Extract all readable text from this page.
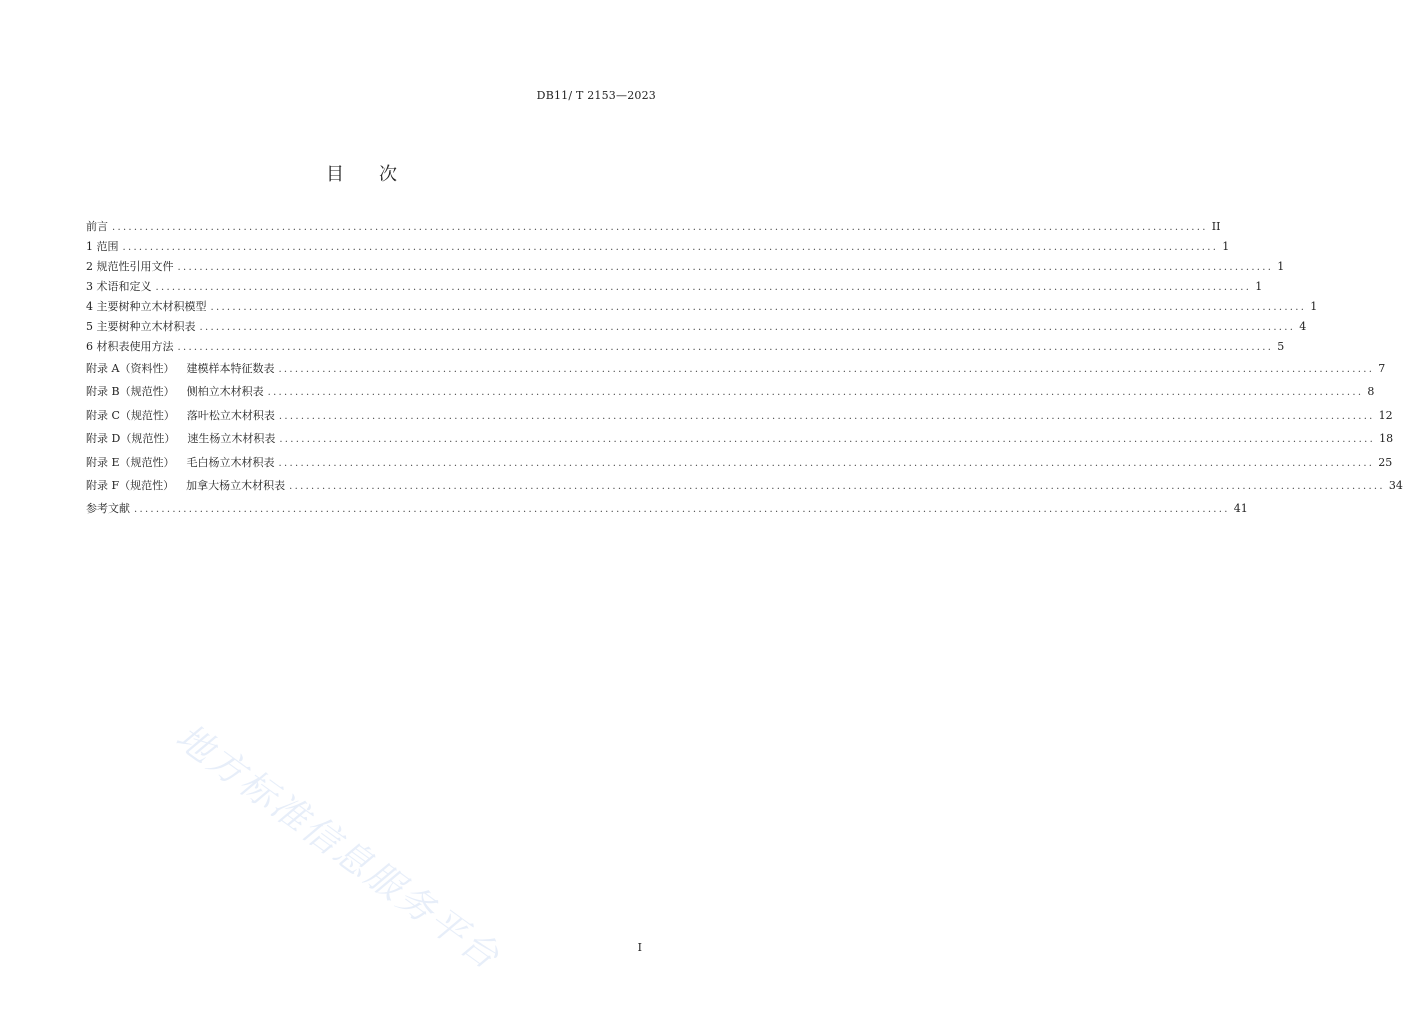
DB11/ T 2153—2023
目 次
前言 ........................................................................................................................................................................................................ II
1 范围 ........................................................................................................................................................................................................ 1
2 规范性引用文件 ........................................................................................................................................................................................................ 1
3 术语和定义 ........................................................................................................................................................................................................ 1
4 主要树种立木材积模型 ........................................................................................................................................................................................................ 1
5 主要树种立木材积表 ........................................................................................................................................................................................................ 4
6 材积表使用方法 ........................................................................................................................................................................................................ 5
附录 A（资料性） 建模样本特征数表 ........................................................................................................................................................................................................ 7
附录 B（规范性） 侧柏立木材积表 ........................................................................................................................................................................................................ 8
附录 C（规范性） 落叶松立木材积表 ........................................................................................................................................................................................................ 12
附录 D（规范性） 速生杨立木材积表 ........................................................................................................................................................................................................ 18
附录 E（规范性） 毛白杨立木材积表 ........................................................................................................................................................................................................ 25
附录 F（规范性） 加拿大杨立木材积表 ........................................................................................................................................................................................................ 34
参考文献 ........................................................................................................................................................................................................ 41
地方标准信息服务平台	I
